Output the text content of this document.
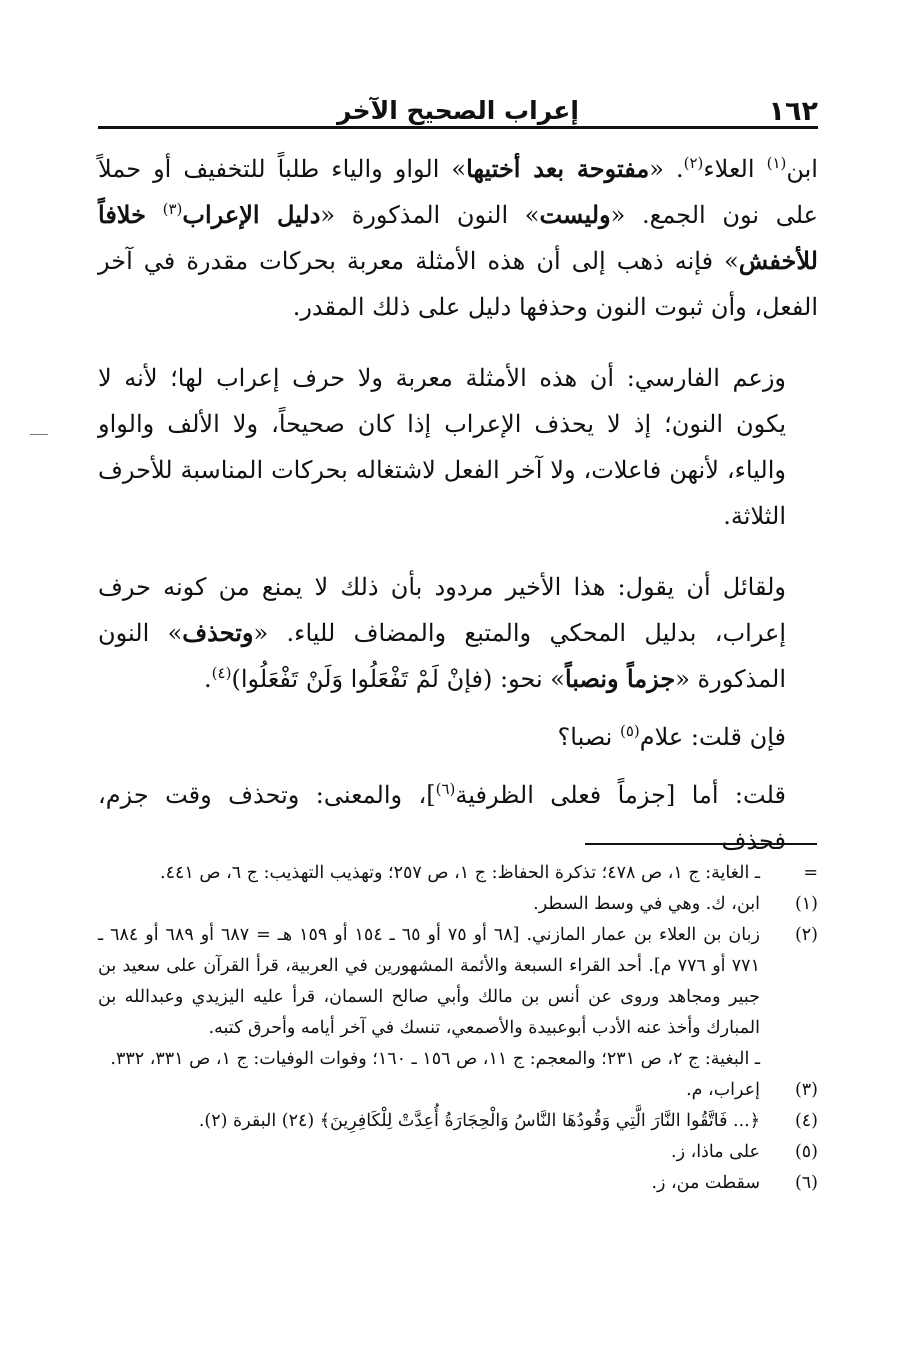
١٦٢
إعراب الصحيح الآخر

ابن$^{(١)}$ العلاء$^{(٢)}$. «مفتوحة بعد أختيها» الواو والياء طلباً للتخفيف أو حملاً على نون الجمع. «وليست» النون المذكورة «دليل الإعراب$^{(٣)}$ خلافاً للأخفش» فإنه ذهب إلى أن هذه الأمثلة معربة بحركات مقدرة في آخر الفعل، وأن ثبوت النون وحذفها دليل على ذلك المقدر.

وزعم الفارسي: أن هذه الأمثلة معربة ولا حرف إعراب لها؛ لأنه لا يكون النون؛ إذ لا يحذف الإعراب إذا كان صحيحاً، ولا الألف والواو والياء، لأنهن فاعلات، ولا آخر الفعل لاشتغاله بحركات المناسبة للأحرف الثلاثة.

ولقائل أن يقول: هذا الأخير مردود بأن ذلك لا يمنع من كونه حرف إعراب، بدليل المحكي والمتبع والمضاف للياء. «وتحذف» النون المذكورة «جزماً ونصباً» نحو: (فإنْ لَمْ تَفْعَلُوا وَلَنْ تَفْعَلُوا)$^{(٤)}$.

فإن قلت: علام$^{(٥)}$ نصبا؟

قلت: أما [جزماً فعلى الظرفية$^{(٦)}$]، والمعنى: وتحذف وقت جزم، فحذف

=
ـ الغاية: ج ١، ص ٤٧٨؛ تذكرة الحفاظ: ج ١، ص ٢٥٧؛ وتهذيب التهذيب: ج ٦، ص ٤٤١.
(١)
ابن، ك. وهي في وسط السطر.
(٢)
زبان بن العلاء بن عمار المازني. [٦٨ أو ٧٥ أو ٦٥ ـ ١٥٤ أو ١٥٩ هـ = ٦٨٧ أو ٦٨٩ أو ٦٨٤ ـ ٧٧١ أو ٧٧٦ م]. أحد القراء السبعة والأئمة المشهورين في العربية، قرأ القرآن على سعيد بن جبير ومجاهد وروى عن أنس بن مالك وأبي صالح السمان، قرأ عليه اليزيدي وعبدالله بن المبارك وأخذ عنه الأدب أبوعبيدة والأصمعي، تنسك في آخر أيامه وأحرق كتبه.
ـ البغية: ج ٢، ص ٢٣١؛ والمعجم: ج ١١، ص ١٥٦ ـ ١٦٠؛ وفوات الوفيات: ج ١، ص ٣٣١، ٣٣٢.
(٣)
إعراب، م.
(٤)
﴿... فَاتَّقُوا النَّارَ الَّتِي وَقُودُهَا النَّاسُ وَالْحِجَارَةُ أُعِدَّتْ لِلْكَافِرِينَ﴾ (٢٤) البقرة (٢).
(٥)
على ماذا، ز.
(٦)
سقطت من، ز.
